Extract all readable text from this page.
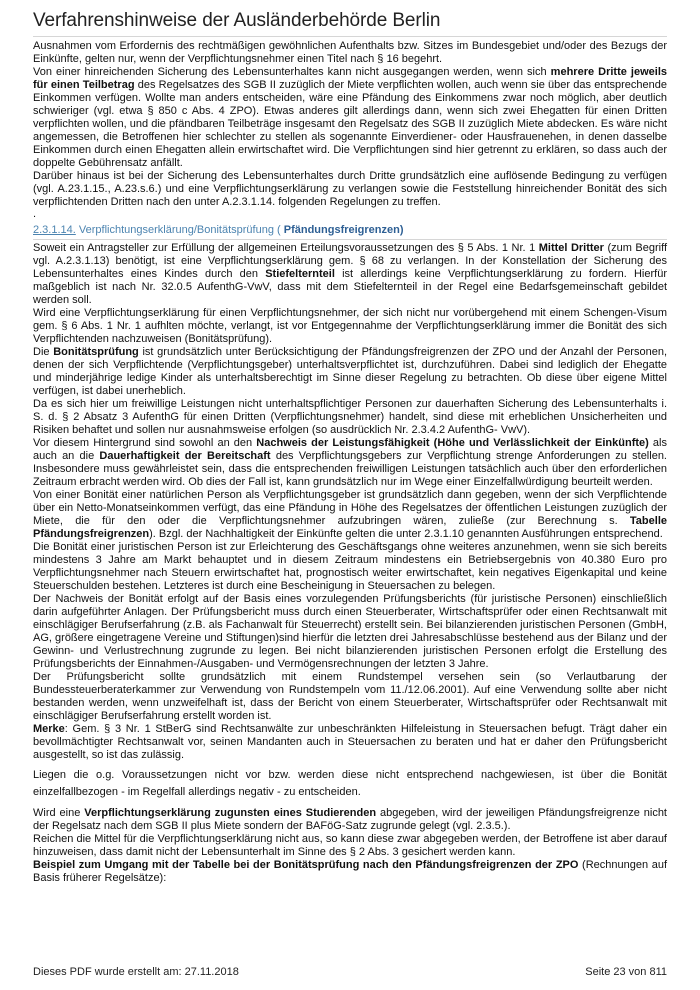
Verfahrenshinweise der Ausländerbehörde Berlin

Ausnahmen vom Erfordernis des rechtmäßigen gewöhnlichen Aufenthalts bzw. Sitzes im Bundesgebiet und/oder des Bezugs der Einkünfte, gelten nur, wenn der Verpflichtungsnehmer einen Titel nach § 16 begehrt.

Von einer hinreichenden Sicherung des Lebensunterhaltes kann nicht ausgegangen werden, wenn sich mehrere Dritte jeweils für einen Teilbetrag des Regelsatzes des SGB II zuzüglich der Miete verpflichten wollen, auch wenn sie über das entsprechende Einkommen verfügen. Wollte man anders entscheiden, wäre eine Pfändung des Einkommens zwar noch möglich, aber deutlich schwieriger (vgl. etwa § 850 c Abs. 4 ZPO). Etwas anderes gilt allerdings dann, wenn sich zwei Ehegatten für einen Dritten verpflichten wollen, und die pfändbaren Teilbeträge insgesamt den Regelsatz des SGB II zuzüglich Miete abdecken. Es wäre nicht angemessen, die Betroffenen hier schlechter zu stellen als sogenannte Einverdiener- oder Hausfrauenehen, in denen dasselbe Einkommen durch einen Ehegatten allein erwirtschaftet wird. Die Verpflichtungen sind hier getrennt zu erklären, so dass auch der doppelte Gebührensatz anfällt.

Darüber hinaus ist bei der Sicherung des Lebensunterhaltes durch Dritte grundsätzlich eine auflösende Bedingung zu verfügen (vgl. A.23.1.15., A.23.s.6.) und eine Verpflichtungserklärung zu verlangen sowie die Feststellung hinreichender Bonität des sich verpflichtenden Dritten nach den unter A.2.3.1.14. folgenden Regelungen zu treffen.

.

2.3.1.14. Verpflichtungserklärung/Bonitätsprüfung ( Pfändungsfreigrenzen)

Soweit ein Antragsteller zur Erfüllung der allgemeinen Erteilungsvoraussetzungen des § 5 Abs. 1 Nr. 1 Mittel Dritter (zum Begriff vgl. A.2.3.1.13) benötigt, ist eine Verpflichtungserklärung gem. § 68 zu verlangen. In der Konstellation der Sicherung des Lebensunterhaltes eines Kindes durch den Stiefelternteil ist allerdings keine Verpflichtungserklärung zu fordern. Hierfür maßgeblich ist nach Nr. 32.0.5 AufenthG-VwV, dass mit dem Stiefelternteil in der Regel eine Bedarfsgemeinschaft gebildet werden soll.

Wird eine Verpflichtungserklärung für einen Verpflichtungsnehmer, der sich nicht nur vorübergehend mit einem Schengen-Visum gem. § 6 Abs. 1 Nr. 1 aufhlten möchte, verlangt, ist vor Entgegennahme der Verpflichtungserklärung immer die Bonität des sich Verpflichtenden nachzuweisen (Bonitätsprüfung).

Die Bonitätsprüfung ist grundsätzlich unter Berücksichtigung der Pfändungsfreigrenzen der ZPO und der Anzahl der Personen, denen der sich Verpflichtende (Verpflichtungsgeber) unterhaltsverpflichtet ist, durchzuführen. Dabei sind lediglich der Ehegatte und minderjährige ledige Kinder als unterhaltsberechtigt im Sinne dieser Regelung zu betrachten. Ob diese über eigene Mittel verfügen, ist dabei unerheblich.

Da es sich hier um freiwillige Leistungen nicht unterhaltspflichtiger Personen zur dauerhaften Sicherung des Lebensunterhalts i. S. d. § 2 Absatz 3 AufenthG für einen Dritten (Verpflichtungsnehmer) handelt, sind diese mit erheblichen Unsicherheiten und Risiken behaftet und sollen nur ausnahmsweise erfolgen (so ausdrücklich Nr. 2.3.4.2 AufenthG- VwV).

Vor diesem Hintergrund sind sowohl an den Nachweis der Leistungsfähigkeit (Höhe und Verlässlichkeit der Einkünfte) als auch an die Dauerhaftigkeit der Bereitschaft des Verpflichtungsgebers zur Verpflichtung strenge Anforderungen zu stellen. Insbesondere muss gewährleistet sein, dass die entsprechenden freiwilligen Leistungen tatsächlich auch über den erforderlichen Zeitraum erbracht werden wird. Ob dies der Fall ist, kann grundsätzlich nur im Wege einer Einzelfallwürdigung beurteilt werden.

Von einer Bonität einer natürlichen Person als Verpflichtungsgeber ist grundsätzlich dann gegeben, wenn der sich Verpflichtende über ein Netto-Monatseinkommen verfügt, das eine Pfändung in Höhe des Regelsatzes der öffentlichen Leistungen zuzüglich der Miete, die für den oder die Verpflichtungsnehmer aufzubringen wären, zuließe (zur Berechnung s. Tabelle Pfändungsfreigrenzen). Bzgl. der Nachhaltigkeit der Einkünfte gelten die unter 2.3.1.10 genannten Ausführungen entsprechend.

Die Bonität einer juristischen Person ist zur Erleichterung des Geschäftsgangs ohne weiteres anzunehmen, wenn sie sich bereits mindestens 3 Jahre am Markt behauptet und in diesem Zeitraum mindestens ein Betriebsergebnis von 40.380 Euro pro Verpflichtungsnehmer nach Steuern erwirtschaftet hat, prognostisch weiter erwirtschaftet, kein negatives Eigenkapital und keine Steuerschulden bestehen. Letzteres ist durch eine Bescheinigung in Steuersachen zu belegen.

Der Nachweis der Bonität erfolgt auf der Basis eines vorzulegenden Prüfungsberichts (für juristische Personen) einschließlich darin aufgeführter Anlagen. Der Prüfungsbericht muss durch einen Steuerberater, Wirtschaftsprüfer oder einen Rechtsanwalt mit einschlägiger Berufserfahrung (z.B. als Fachanwalt für Steuerrecht) erstellt sein. Bei bilanzierenden juristischen Personen (GmbH, AG, größere eingetragene Vereine und Stiftungen)sind hierfür die letzten drei Jahresabschlüsse bestehend aus der Bilanz und der Gewinn- und Verlustrechnung zugrunde zu legen. Bei nicht bilanzierenden juristischen Personen erfolgt die Erstellung des Prüfungsberichts der Einnahmen-/Ausgaben- und Vermögensrechnungen der letzten 3 Jahre.

Der Prüfungsbericht sollte grundsätzlich mit einem Rundstempel versehen sein (so Verlautbarung der Bundessteuerberaterkammer zur Verwendung von Rundstempeln vom 11./12.06.2001). Auf eine Verwendung sollte aber nicht bestanden werden, wenn unzweifelhaft ist, dass der Bericht von einem Steuerberater, Wirtschaftsprüfer oder Rechtsanwalt mit einschlägiger Berufserfahrung erstellt worden ist.

Merke: Gem. § 3 Nr. 1 StBerG sind Rechtsanwälte zur unbeschränkten Hilfeleistung in Steuersachen befugt. Trägt daher ein bevollmächtigter Rechtsanwalt vor, seinen Mandanten auch in Steuersachen zu beraten und hat er daher den Prüfungsbericht ausgestellt, so ist das zulässig.

Liegen die o.g. Voraussetzungen nicht vor bzw. werden diese nicht entsprechend nachgewiesen, ist über die Bonität einzelfallbezogen - im Regelfall allerdings negativ - zu entscheiden.

Wird eine Verpflichtungserklärung zugunsten eines Studierenden abgegeben, wird der jeweiligen Pfändungsfreigrenze nicht der Regelsatz nach dem SGB II plus Miete sondern der BAFöG-Satz zugrunde gelegt (vgl. 2.3.5.).

Reichen die Mittel für die Verpflichtungserklärung nicht aus, so kann diese zwar abgegeben werden, der Betroffene ist aber darauf hinzuweisen, dass damit nicht der Lebensunterhalt im Sinne des § 2 Abs. 3 gesichert werden kann.

Beispiel zum Umgang mit der Tabelle bei der Bonitätsprüfung nach den Pfändungsfreigrenzen der ZPO (Rechnungen auf Basis früherer Regelsätze):

Dieses PDF wurde erstellt am: 27.11.2018	Seite 23 von 811
